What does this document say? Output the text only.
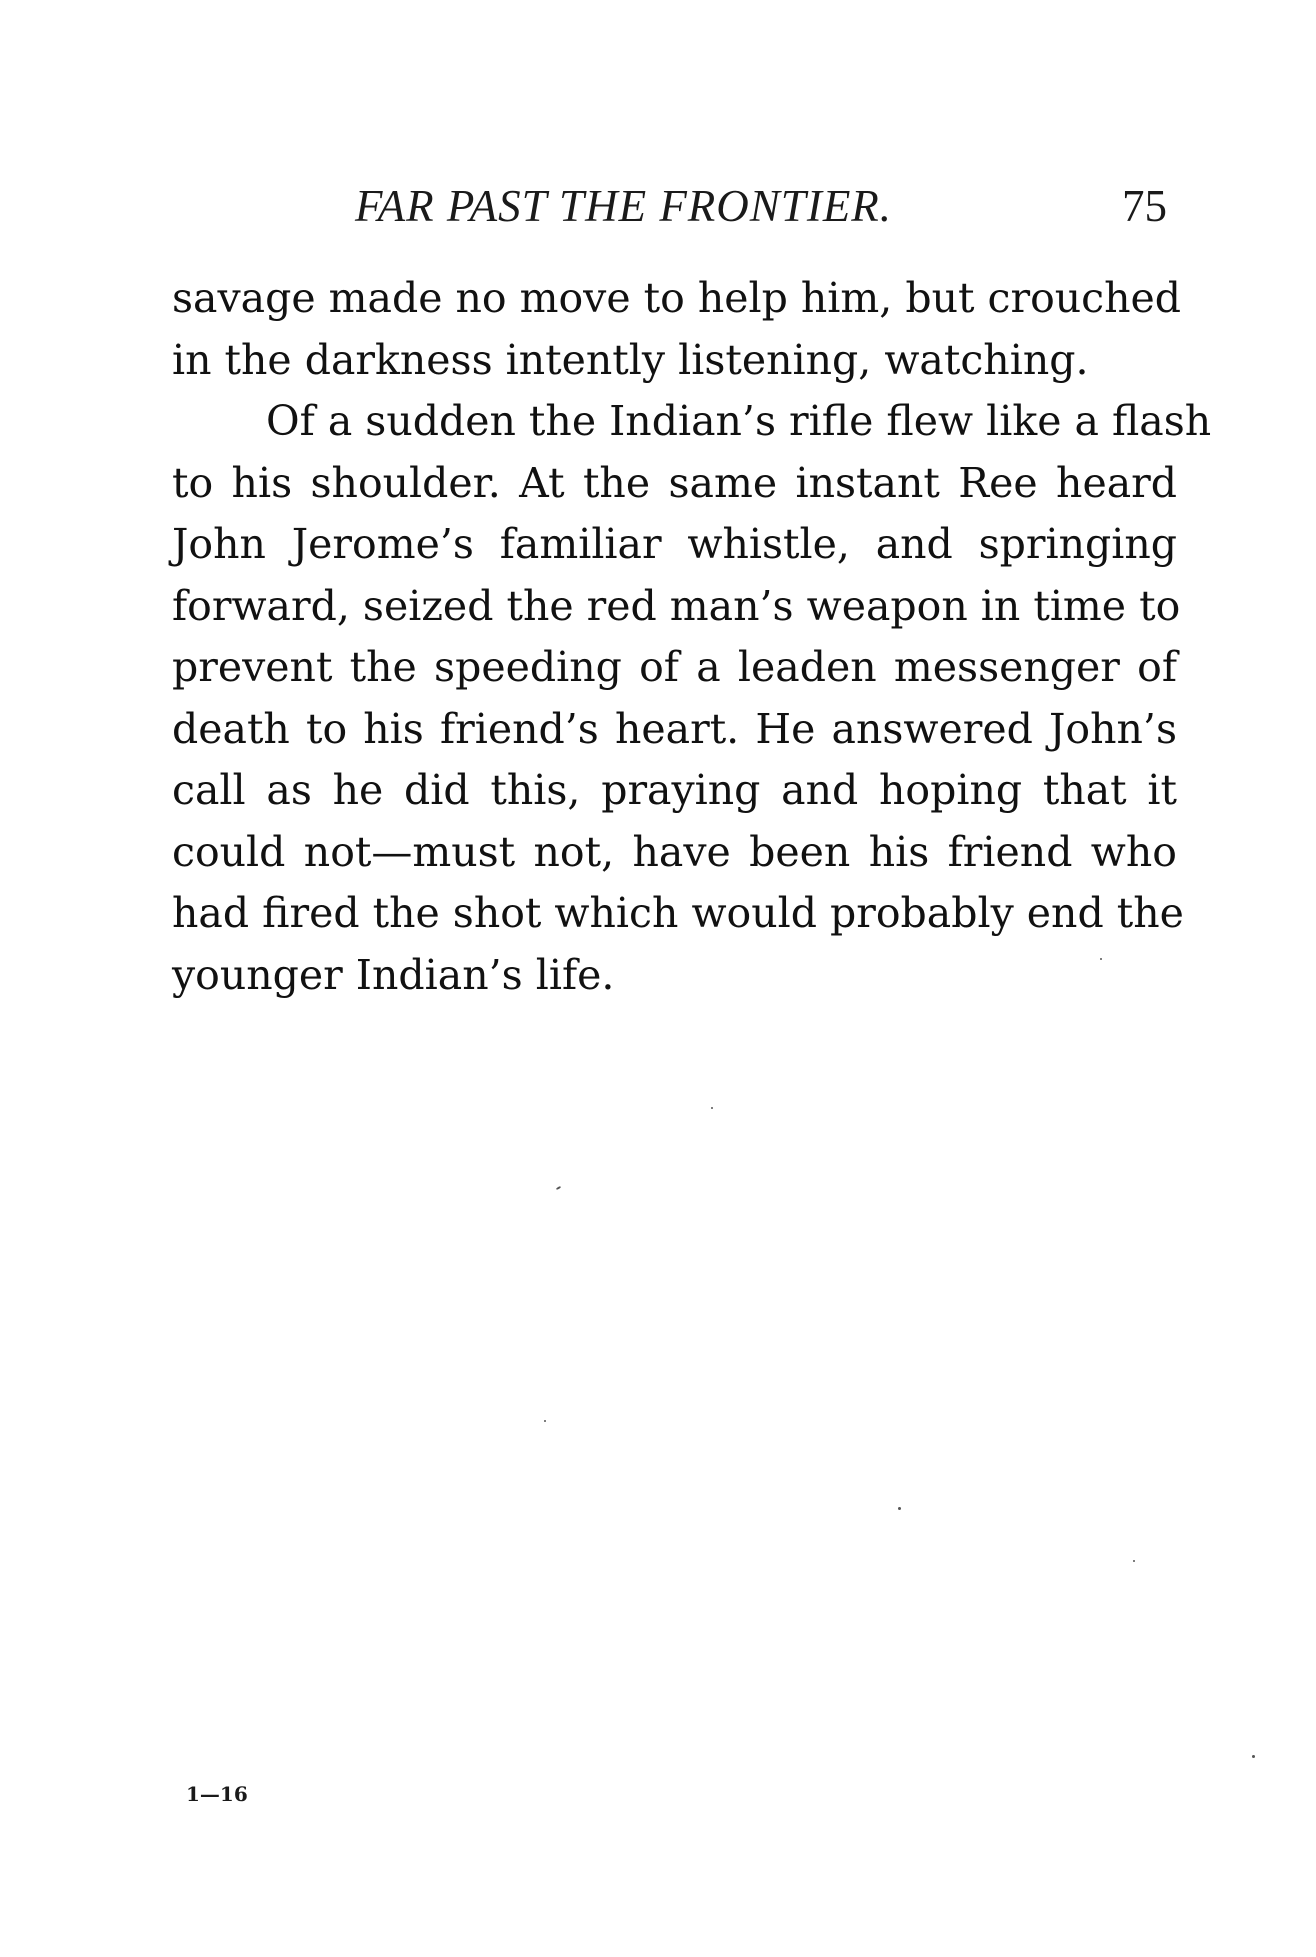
FAR PAST THE FRONTIER.	75
savage made no move to help him, but crouched
in the darkness intently listening, watching.
Of a sudden the Indian’s rifle flew like a flash
to his shoulder. At the same instant Ree heard
John Jerome’s familiar whistle, and springing
forward, seized the red man’s weapon in time to
prevent the speeding of a leaden messenger of
death to his friend’s heart. He answered John’s
call as he did this, praying and hoping that it
could not—must not, have been his friend who
had fired the shot which would probably end the
younger Indian’s life.
1—16
